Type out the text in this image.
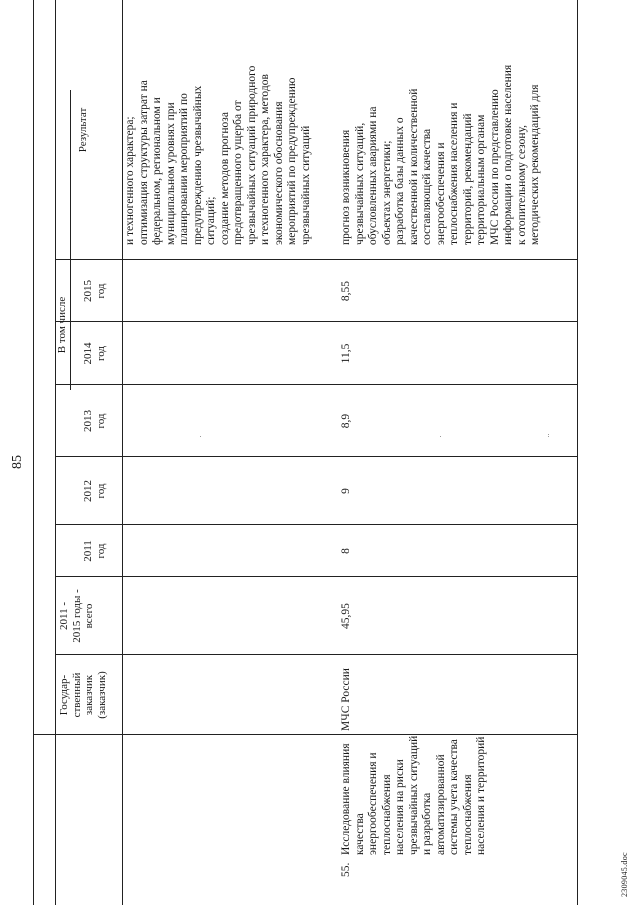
85
Государ-
ственный
заказчик
(заказчик)
2011 -
2015 годы -
всего
В том числе
2011
год
2012
год
2013
год
2014
год
2015
год
Результат
и техногенного характера;
оптимизация структуры затрат на
федеральном, региональном и
муниципальном уровнях при
планировании мероприятий по
предупреждению чрезвычайных
ситуаций;
создание методов прогноза
предотвращенного ущерба от
чрезвычайных ситуаций природного
и техногенного характера, методов
экономического обоснования
мероприятий по предупреждению
чрезвычайных ситуаций
55.
Исследование влияния
качества
энергообеспечения и
теплоснабжения
населения на риски
чрезвычайных ситуаций
и разработка
автоматизированной
системы учета качества
теплоснабжения
населения и территорий
МЧС России
45,95
8
9
8,9
11,5
8,55
прогноз возникновения
чрезвычайных ситуаций,
обусловленных авариями на
объектах энергетики;
разработка базы данных о
качественной и количественной
составляющей качества
энергообеспечения и
теплоснабжения населения и
территорий, рекомендаций
территориальным органам
МЧС России по представлению
информации о подготовке населения
к отопительному сезону,
методических рекомендаций для
2309045.doc
